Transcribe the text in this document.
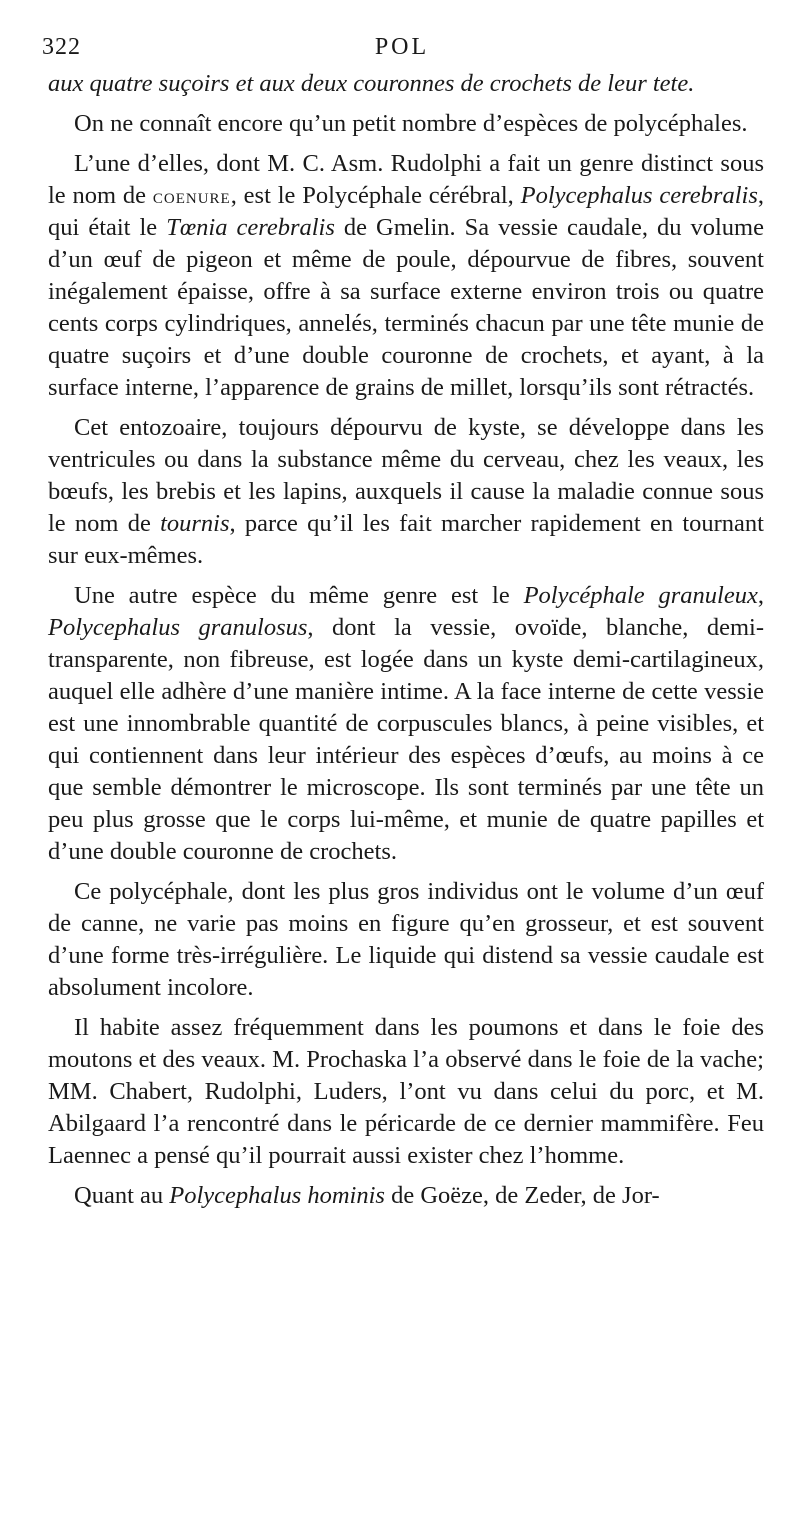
322	POL

aux quatre suçoirs et aux deux couronnes de crochets de leur tete.

On ne connaît encore qu’un petit nombre d’espèces de polycéphales.

L’une d’elles, dont M. C. Asm. Rudolphi a fait un genre distinct sous le nom de coenure, est le Polycéphale cérébral, Polycephalus cerebralis, qui était le Tœnia cerebralis de Gmelin. Sa vessie caudale, du volume d’un œuf de pigeon et même de poule, dépourvue de fibres, souvent inégalement épaisse, offre à sa surface externe environ trois ou quatre cents corps cylindriques, annelés, terminés chacun par une tête munie de quatre suçoirs et d’une double couronne de crochets, et ayant, à la surface interne, l’apparence de grains de millet, lorsqu’ils sont rétractés.

Cet entozoaire, toujours dépourvu de kyste, se développe dans les ventricules ou dans la substance même du cerveau, chez les veaux, les bœufs, les brebis et les lapins, auxquels il cause la maladie connue sous le nom de tournis, parce qu’il les fait marcher rapidement en tournant sur eux-mêmes.

Une autre espèce du même genre est le Polycéphale granuleux, Polycephalus granulosus, dont la vessie, ovoïde, blanche, demi-transparente, non fibreuse, est logée dans un kyste demi-cartilagineux, auquel elle adhère d’une manière intime. A la face interne de cette vessie est une innombrable quantité de corpuscules blancs, à peine visibles, et qui contiennent dans leur intérieur des espèces d’œufs, au moins à ce que semble démontrer le microscope. Ils sont terminés par une tête un peu plus grosse que le corps lui-même, et munie de quatre papilles et d’une double couronne de crochets.

Ce polycéphale, dont les plus gros individus ont le volume d’un œuf de canne, ne varie pas moins en figure qu’en grosseur, et est souvent d’une forme très-irrégulière. Le liquide qui distend sa vessie caudale est absolument incolore.

Il habite assez fréquemment dans les poumons et dans le foie des moutons et des veaux. M. Prochaska l’a observé dans le foie de la vache; MM. Chabert, Rudolphi, Luders, l’ont vu dans celui du porc, et M. Abilgaard l’a rencontré dans le péricarde de ce dernier mammifère. Feu Laennec a pensé qu’il pourrait aussi exister chez l’homme.

Quant au Polycephalus hominis de Goëze, de Zeder, de Jor-
